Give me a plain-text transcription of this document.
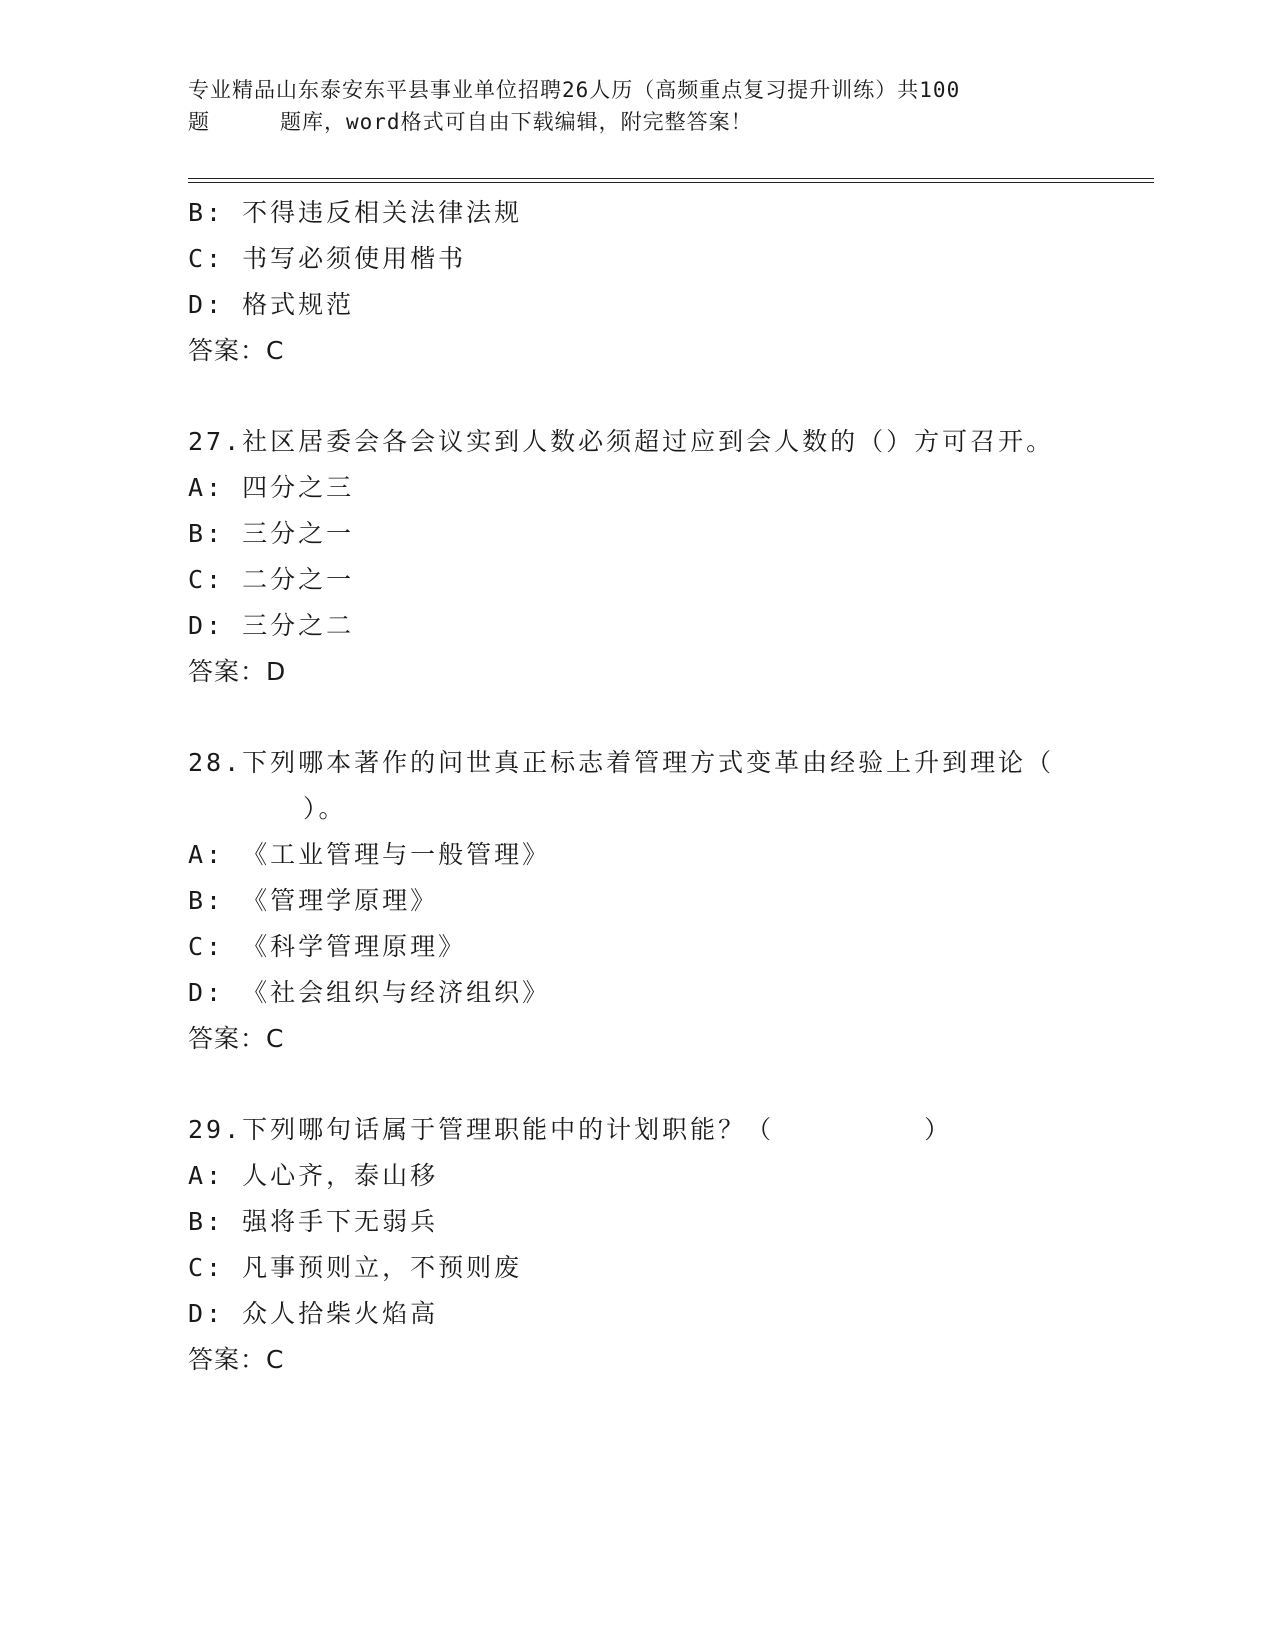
专业精品山东泰安东平县事业单位招聘26人历（高频重点复习提升训练）共100
题	题库，word格式可自由下载编辑，附完整答案！
B: 不得违反相关法律法规
C: 书写必须使用楷书
D: 格式规范
答案：C
27.社区居委会各会议实到人数必须超过应到会人数的（）方可召开。
A: 四分之三
B: 三分之一
C: 二分之一
D: 三分之二
答案：D
28.下列哪本著作的问世真正标志着管理方式变革由经验上升到理论（
）。
A: 《工业管理与一般管理》
B: 《管理学原理》
C: 《科学管理原理》
D: 《社会组织与经济组织》
答案：C
29.下列哪句话属于管理职能中的计划职能？（	）
A: 人心齐，泰山移
B: 强将手下无弱兵
C: 凡事预则立，不预则废
D: 众人拾柴火焰高
答案：C
